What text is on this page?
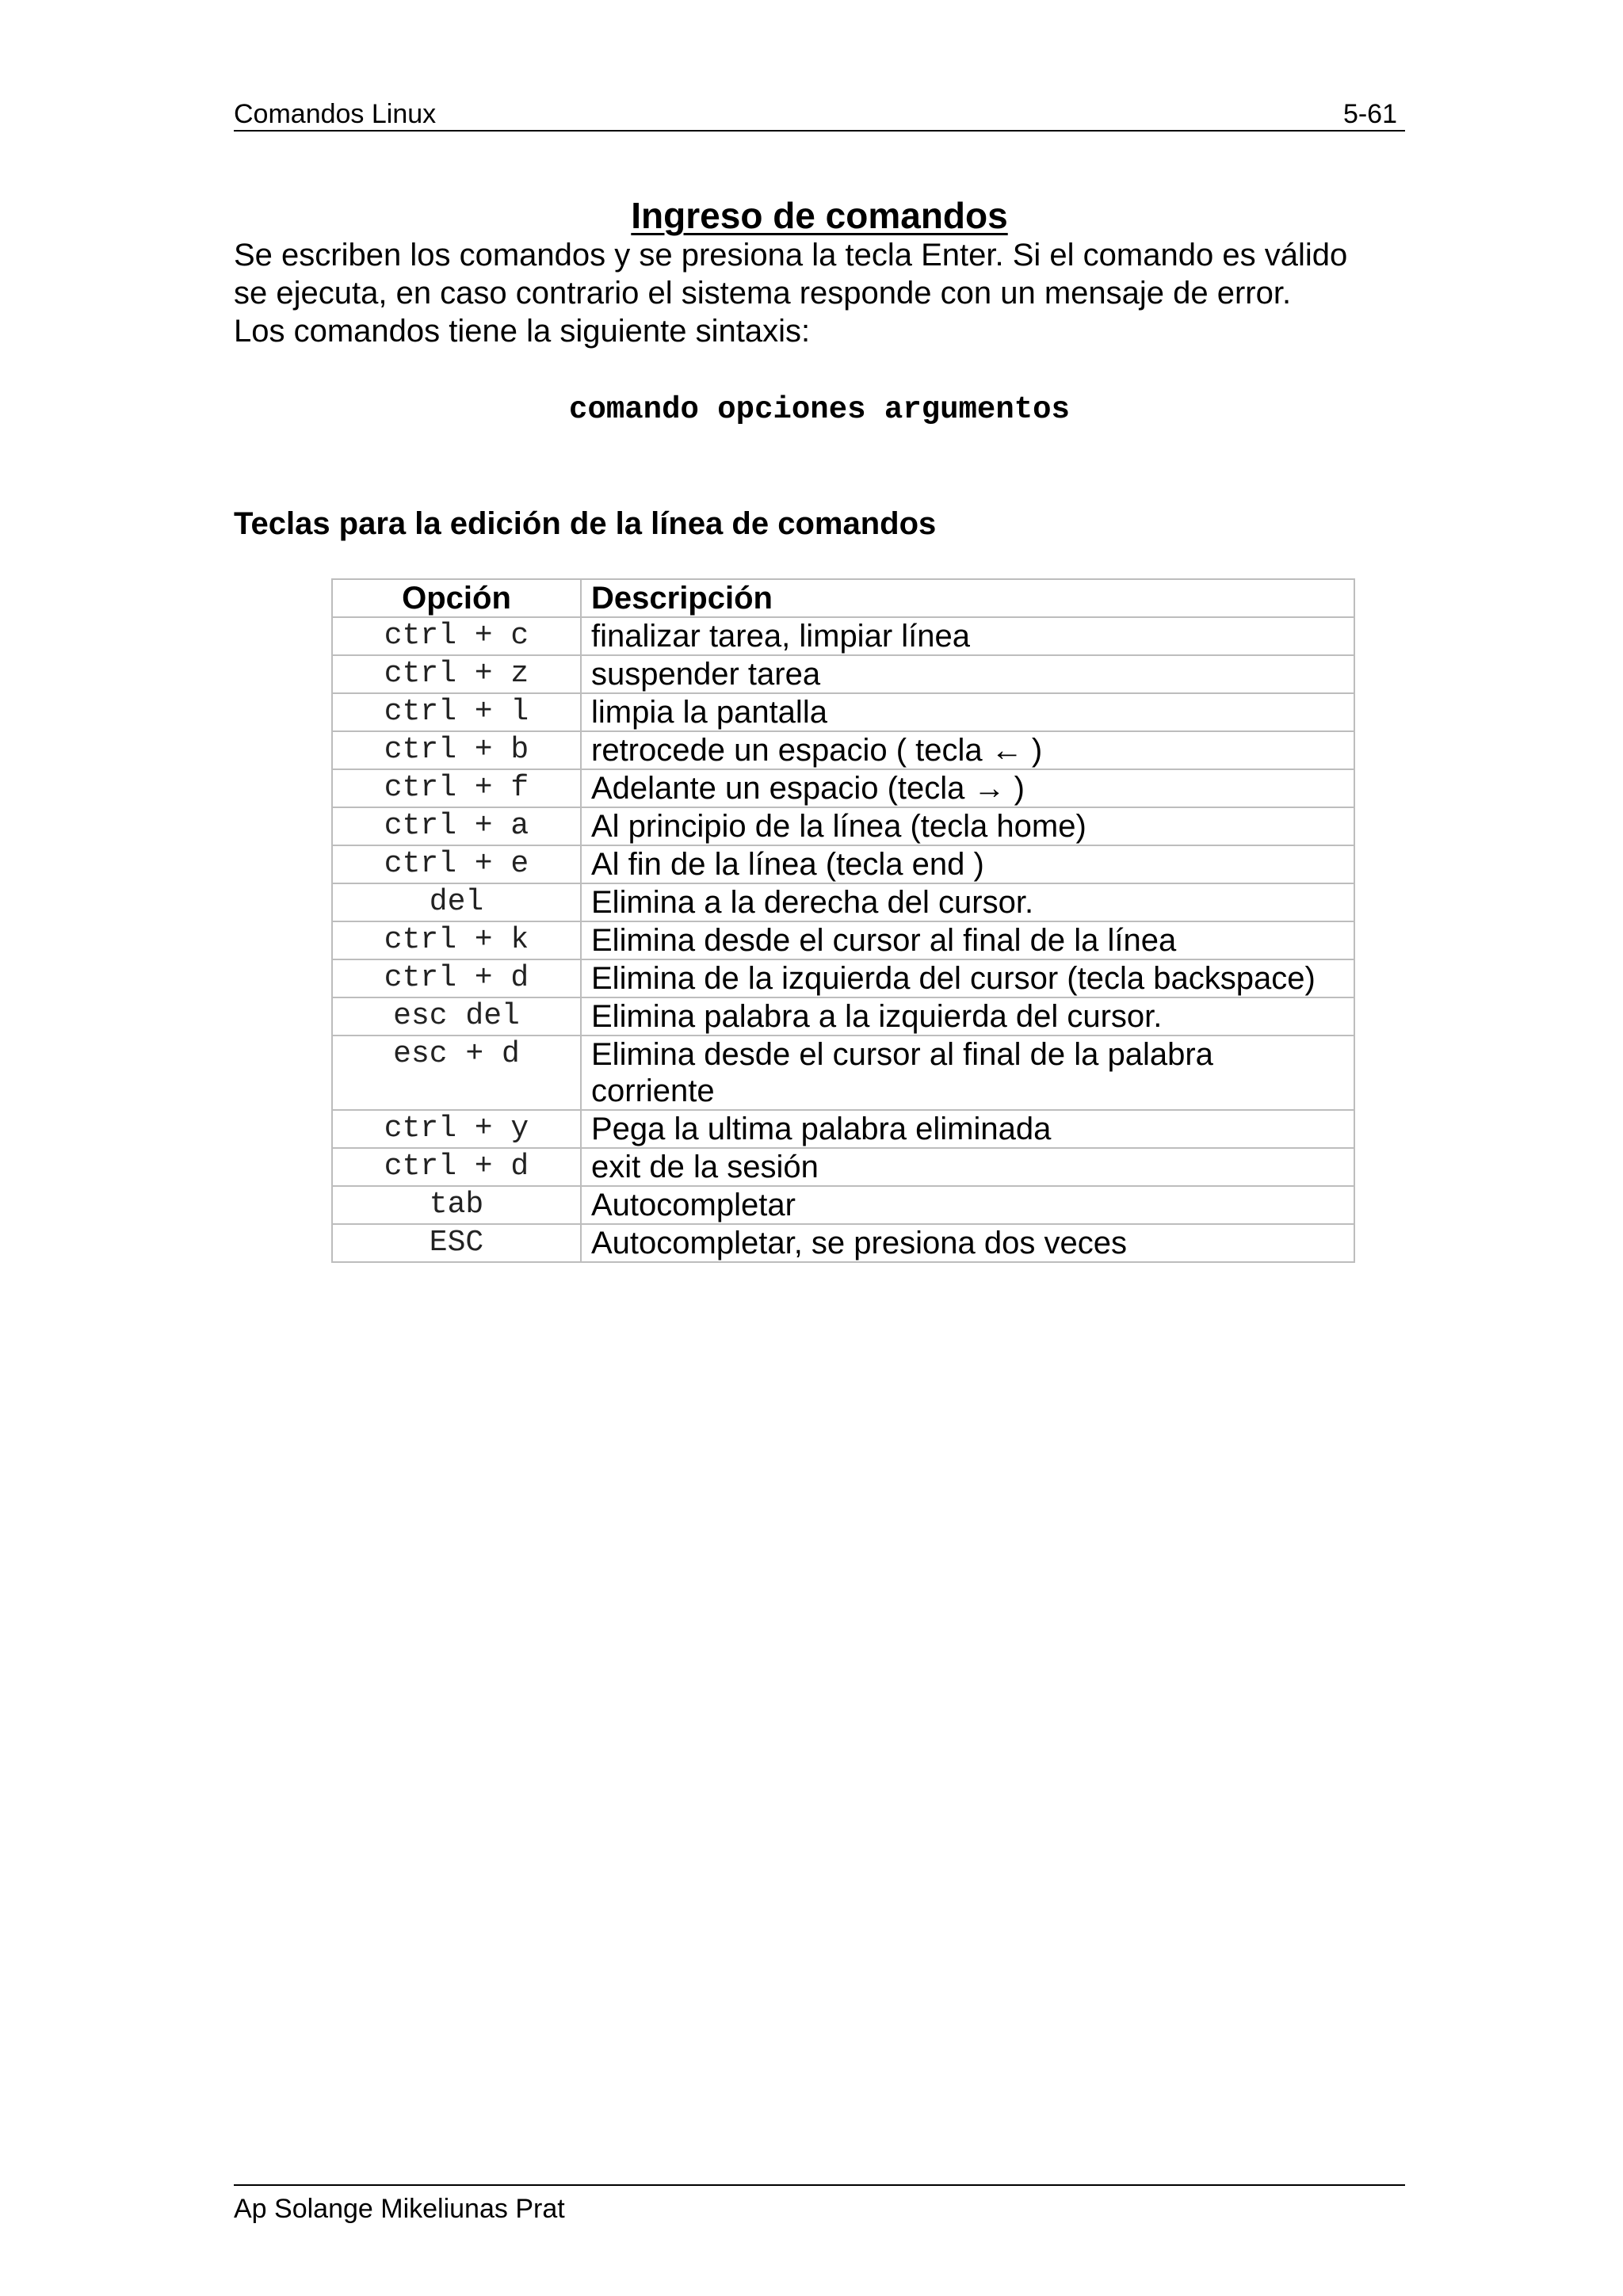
Comandos Linux	5-61
Ingreso de comandos
Se escriben los comandos y se presiona la tecla Enter. Si el comando es válido
se ejecuta, en caso contrario el sistema responde con un mensaje de error.
Los comandos tiene la siguiente sintaxis:
comando opciones argumentos
Teclas para la edición de la línea de comandos
Opción	Descripción
ctrl + c	finalizar tarea, limpiar línea
ctrl + z	suspender tarea
ctrl + l	limpia la pantalla
ctrl + b	retrocede un espacio ( tecla ← )
ctrl + f	Adelante un espacio (tecla → )
ctrl + a	Al principio de la línea (tecla home)
ctrl + e	Al fin de la línea (tecla end )
del	Elimina a la derecha del cursor.
ctrl + k	Elimina desde el cursor al final de la línea
ctrl + d	Elimina de la izquierda del cursor (tecla backspace)
esc del	Elimina palabra a la izquierda del cursor.
esc + d	Elimina desde el cursor al final de la palabra corriente
ctrl + y	Pega la ultima palabra eliminada
ctrl + d	exit de la sesión
tab	Autocompletar
ESC	Autocompletar, se presiona dos veces
Ap Solange Mikeliunas Prat
